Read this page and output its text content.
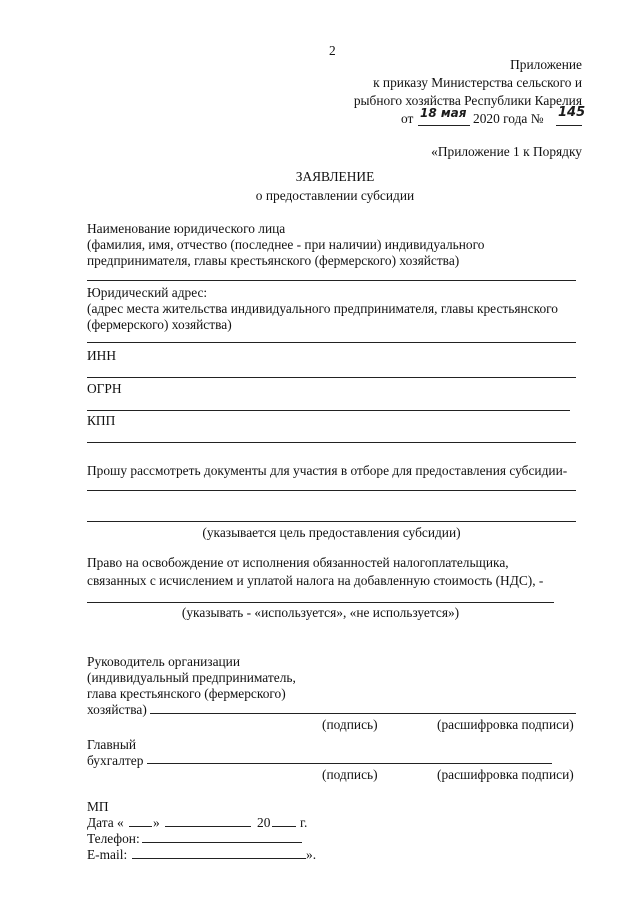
2
Приложение
к приказу Министерства сельского и
рыбного хозяйства Республики Карелия
от 18 мая 2020 года № 145
«Приложение 1 к Порядку
ЗАЯВЛЕНИЕ
о предоставлении субсидии
Наименование юридического лица
(фамилия, имя, отчество (последнее - при наличии) индивидуального
предпринимателя, главы крестьянского (фермерского) хозяйства)
Юридический адрес:
(адрес места жительства индивидуального предпринимателя, главы крестьянского
(фермерского) хозяйства)
ИНН
ОГРН
КПП
Прошу рассмотреть документы для участия в отборе для предоставления субсидии-
(указывается цель предоставления субсидии)
Право на освобождение от исполнения обязанностей налогоплательщика,
связанных с исчислением и уплатой налога на добавленную стоимость (НДС), -
(указывать - «используется», «не используется»)
Руководитель организации
(индивидуальный предприниматель,
глава крестьянского (фермерского)
хозяйства)
(подпись)	(расшифровка подписи)
Главный
бухгалтер
(подпись)	(расшифровка подписи)
МП
Дата « »	20 г.
Телефон:
E-mail:	».
